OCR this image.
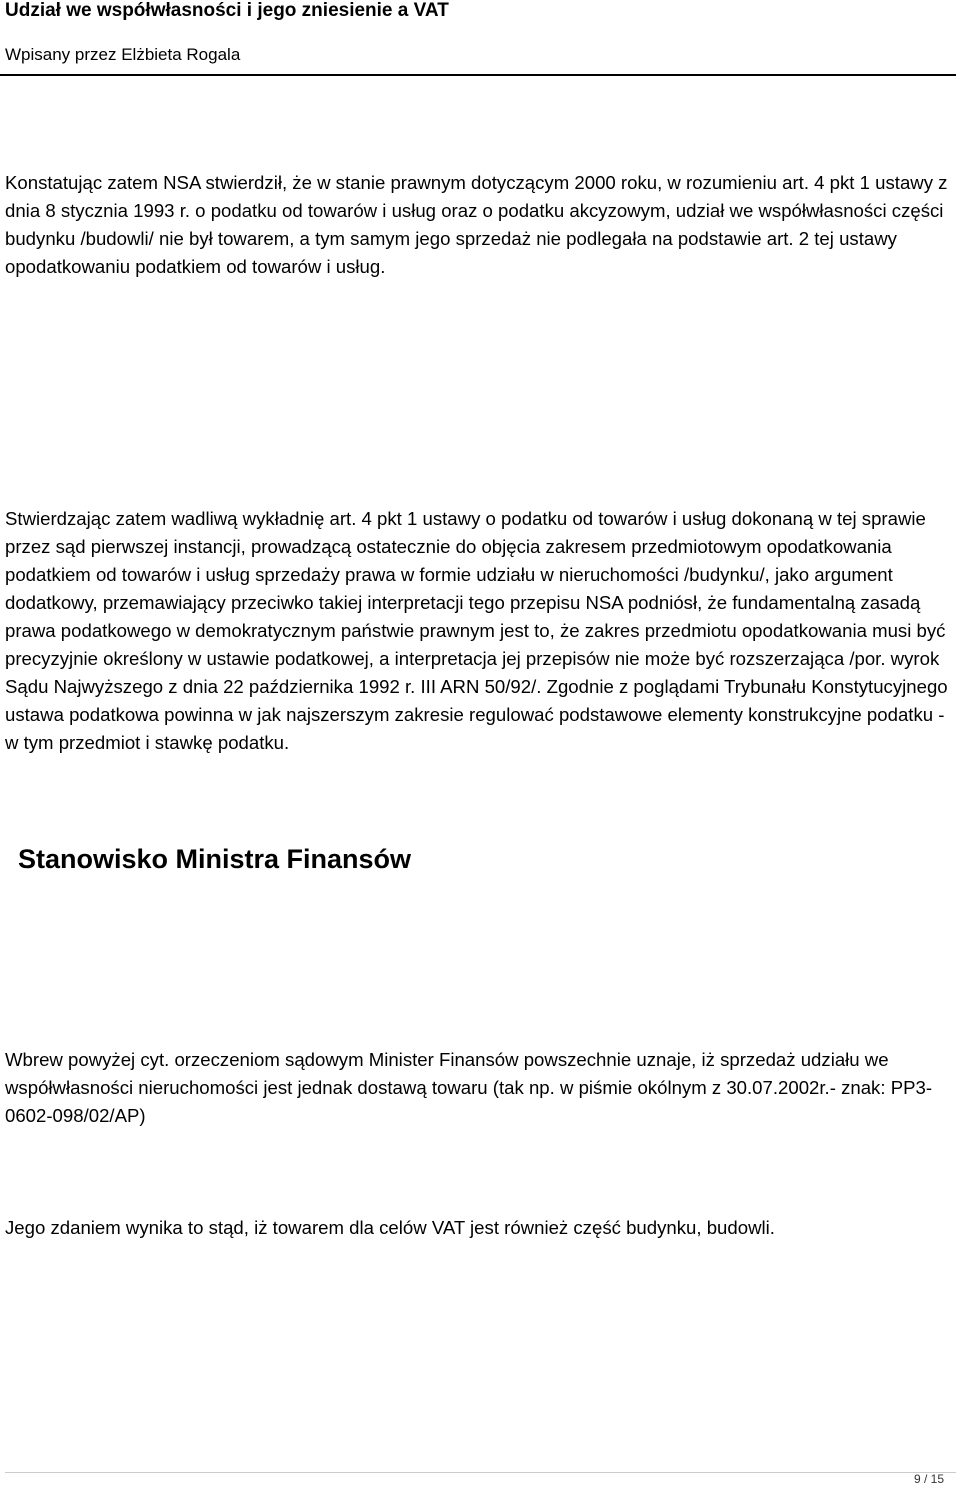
Udział we współwłasności i jego zniesienie a VAT

Wpisany przez Elżbieta Rogala

Konstatując zatem NSA stwierdził, że w stanie prawnym dotyczącym 2000 roku, w rozumieniu art. 4 pkt 1 ustawy z dnia 8 stycznia 1993 r. o podatku od towarów i usług oraz o podatku akcyzowym, udział we współwłasności części budynku /budowli/ nie był towarem, a tym samym jego sprzedaż nie podlegała na podstawie art. 2 tej ustawy opodatkowaniu podatkiem od towarów i usług.

Stwierdzając zatem wadliwą wykładnię art. 4 pkt 1 ustawy o podatku od towarów i usług dokonaną w tej sprawie przez sąd pierwszej instancji, prowadzącą ostatecznie do objęcia zakresem przedmiotowym opodatkowania podatkiem od towarów i usług sprzedaży prawa w formie udziału w nieruchomości /budynku/, jako argument dodatkowy, przemawiający przeciwko takiej interpretacji tego przepisu NSA podniósł, że fundamentalną zasadą prawa podatkowego w demokratycznym państwie prawnym jest to, że zakres przedmiotu opodatkowania musi być precyzyjnie określony w ustawie podatkowej, a interpretacja jej przepisów nie może być rozszerzająca /por. wyrok Sądu Najwyższego z dnia 22 października 1992 r. III ARN 50/92/. Zgodnie z poglądami Trybunału Konstytucyjnego ustawa podatkowa powinna w jak najszerszym zakresie regulować podstawowe elementy konstrukcyjne podatku - w tym przedmiot i stawkę podatku.

Stanowisko Ministra Finansów

Wbrew powyżej cyt. orzeczeniom sądowym Minister Finansów powszechnie uznaje, iż sprzedaż udziału we współwłasności nieruchomości jest jednak dostawą towaru (tak np. w piśmie okólnym z 30.07.2002r.- znak: PP3-0602-098/02/AP)

Jego zdaniem wynika to stąd, iż towarem dla celów VAT jest również część budynku, budowli.

9 / 15
